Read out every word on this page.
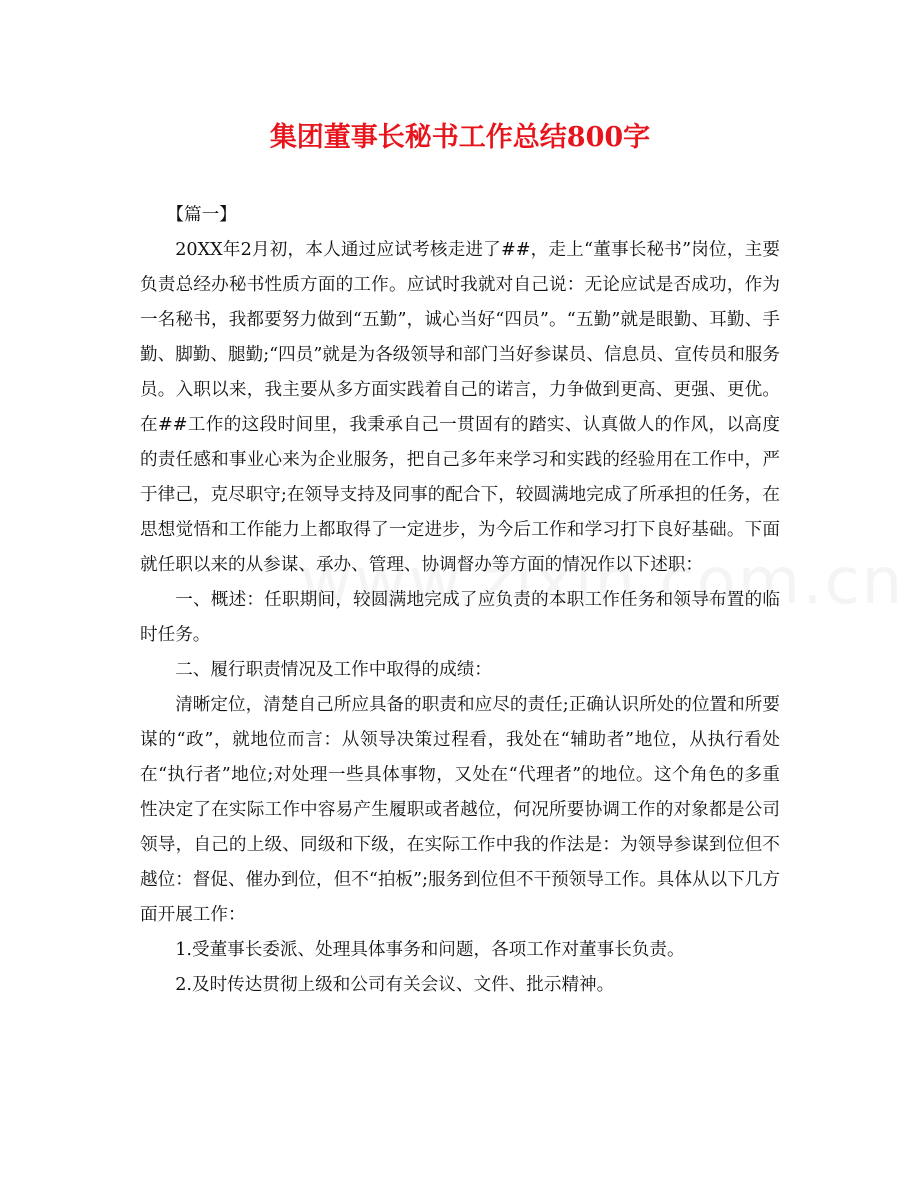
集团董事长秘书工作总结800字

【篇一】

20XX年2月初，本人通过应试考核走进了##，走上“董事长秘书”岗位，主要负责总经办秘书性质方面的工作。应试时我就对自己说：无论应试是否成功，作为一名秘书，我都要努力做到“五勤”，诚心当好“四员”。“五勤”就是眼勤、耳勤、手勤、脚勤、腿勤;“四员”就是为各级领导和部门当好参谋员、信息员、宣传员和服务员。入职以来，我主要从多方面实践着自己的诺言，力争做到更高、更强、更优。在##工作的这段时间里，我秉承自己一贯固有的踏实、认真做人的作风，以高度的责任感和事业心来为企业服务，把自己多年来学习和实践的经验用在工作中，严于律己，克尽职守;在领导支持及同事的配合下，较圆满地完成了所承担的任务，在思想觉悟和工作能力上都取得了一定进步，为今后工作和学习打下良好基础。下面就任职以来的从参谋、承办、管理、协调督办等方面的情况作以下述职：

一、概述：任职期间，较圆满地完成了应负责的本职工作任务和领导布置的临时任务。

二、履行职责情况及工作中取得的成绩：

清晰定位，清楚自己所应具备的职责和应尽的责任;正确认识所处的位置和所要谋的“政”，就地位而言：从领导决策过程看，我处在“辅助者”地位，从执行看处在“执行者”地位;对处理一些具体事物，又处在“代理者”的地位。这个角色的多重性决定了在实际工作中容易产生履职或者越位，何况所要协调工作的对象都是公司领导，自己的上级、同级和下级，在实际工作中我的作法是：为领导参谋到位但不越位：督促、催办到位，但不“拍板”;服务到位但不干预领导工作。具体从以下几方面开展工作：

1.受董事长委派、处理具体事务和问题，各项工作对董事长负责。

2.及时传达贯彻上级和公司有关会议、文件、批示精神。
